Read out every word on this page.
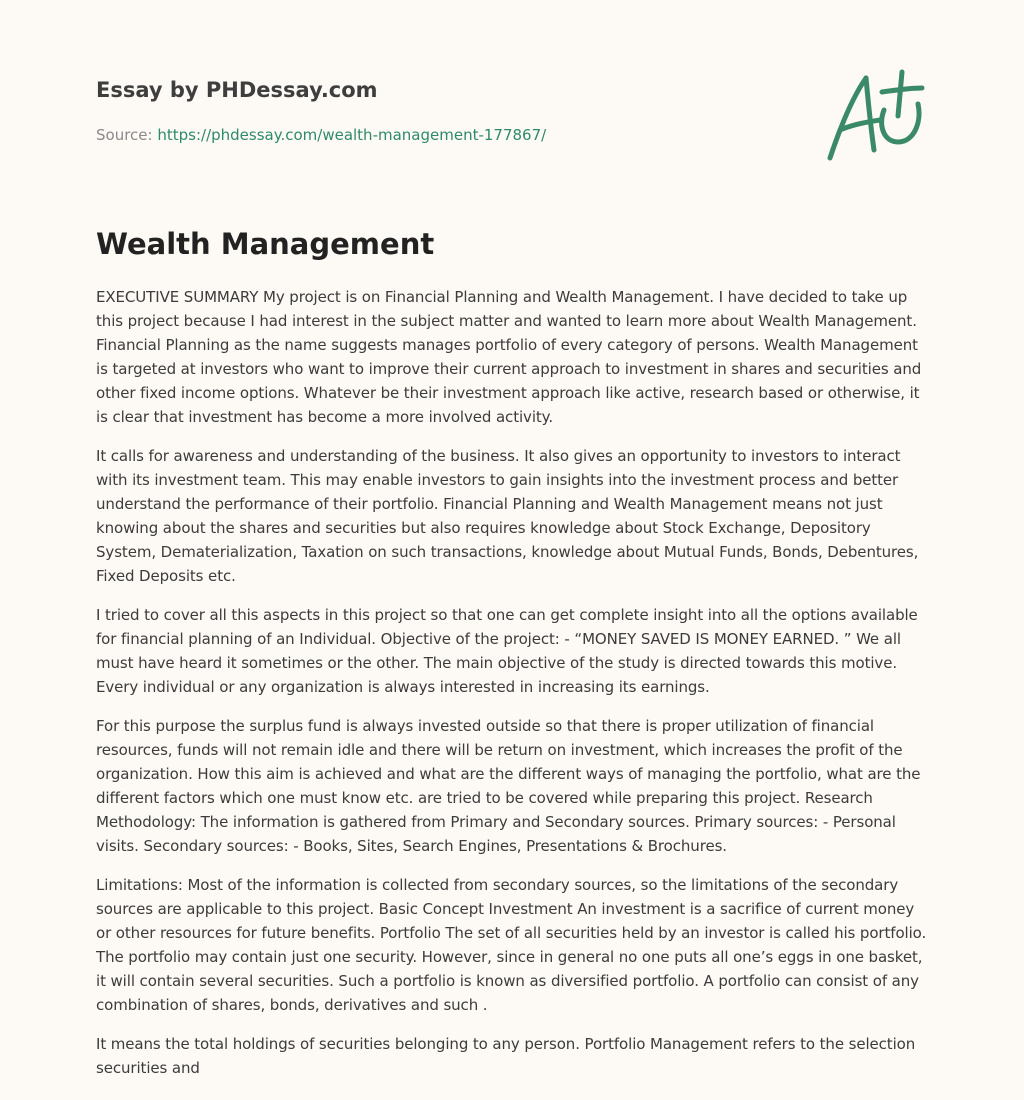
Essay by PHDessay.com
Source: https://phdessay.com/wealth-management-177867/
Wealth Management

EXECUTIVE SUMMARY My project is on Financial Planning and Wealth Management. I have decided to take up this project because I had interest in the subject matter and wanted to learn more about Wealth Management. Financial Planning as the name suggests manages portfolio of every category of persons. Wealth Management is targeted at investors who want to improve their current approach to investment in shares and securities and other fixed income options. Whatever be their investment approach like active, research based or otherwise, it is clear that investment has become a more involved activity.

It calls for awareness and understanding of the business. It also gives an opportunity to investors to interact with its investment team. This may enable investors to gain insights into the investment process and better understand the performance of their portfolio. Financial Planning and Wealth Management means not just knowing about the shares and securities but also requires knowledge about Stock Exchange, Depository System, Dematerialization, Taxation on such transactions, knowledge about Mutual Funds, Bonds, Debentures, Fixed Deposits etc.

I tried to cover all this aspects in this project so that one can get complete insight into all the options available for financial planning of an Individual. Objective of the project: - “MONEY SAVED IS MONEY EARNED. ” We all must have heard it sometimes or the other. The main objective of the study is directed towards this motive. Every individual or any organization is always interested in increasing its earnings.

For this purpose the surplus fund is always invested outside so that there is proper utilization of financial resources, funds will not remain idle and there will be return on investment, which increases the profit of the organization. How this aim is achieved and what are the different ways of managing the portfolio, what are the different factors which one must know etc. are tried to be covered while preparing this project. Research Methodology: The information is gathered from Primary and Secondary sources. Primary sources: - Personal visits. Secondary sources: - Books, Sites, Search Engines, Presentations & Brochures.

Limitations: Most of the information is collected from secondary sources, so the limitations of the secondary sources are applicable to this project. Basic Concept Investment An investment is a sacrifice of current money or other resources for future benefits. Portfolio The set of all securities held by an investor is called his portfolio. The portfolio may contain just one security. However, since in general no one puts all one’s eggs in one basket, it will contain several securities. Such a portfolio is known as diversified portfolio. A portfolio can consist of any combination of shares, bonds, derivatives and such .

It means the total holdings of securities belonging to any person. Portfolio Management refers to the selection securities and
